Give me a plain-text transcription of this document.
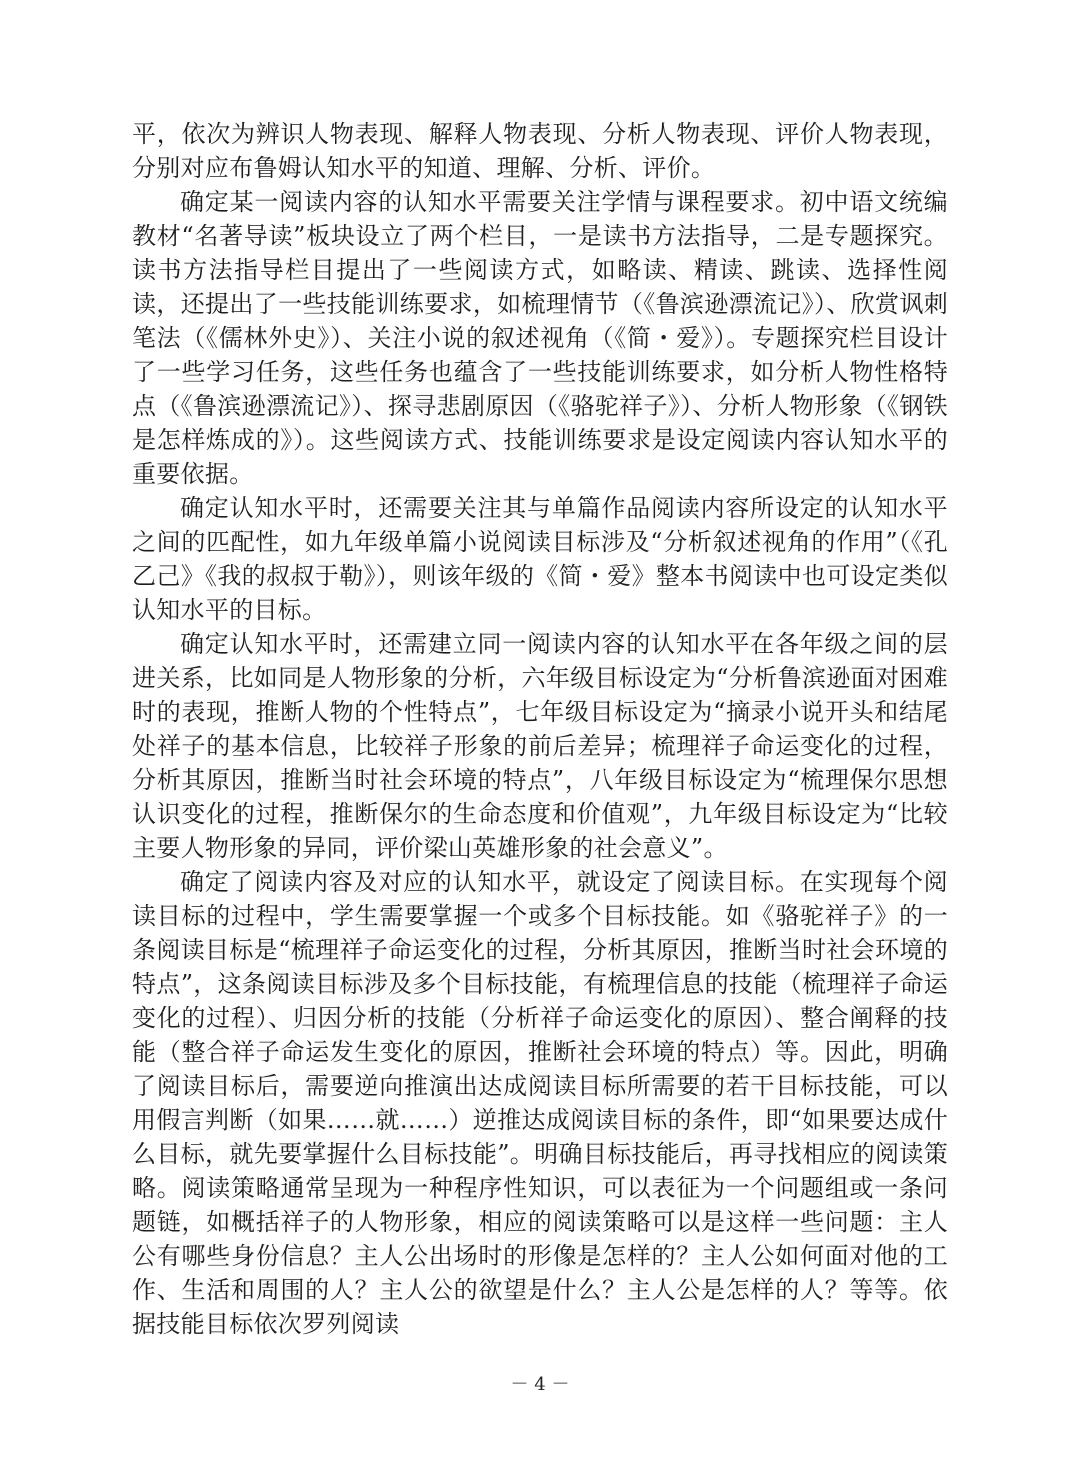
平，依次为辨识人物表现、解释人物表现、分析人物表现、评价人物表现，分别对应布鲁姆认知水平的知道、理解、分析、评价。

确定某一阅读内容的认知水平需要关注学情与课程要求。初中语文统编教材“名著导读”板块设立了两个栏目，一是读书方法指导，二是专题探究。读书方法指导栏目提出了一些阅读方式，如略读、精读、跳读、选择性阅读，还提出了一些技能训练要求，如梳理情节（《鲁滨逊漂流记》）、欣赏讽刺笔法（《儒林外史》）、关注小说的叙述视角（《简・爱》）。专题探究栏目设计了一些学习任务，这些任务也蕴含了一些技能训练要求，如分析人物性格特点（《鲁滨逊漂流记》）、探寻悲剧原因（《骆驼祥子》）、分析人物形象（《钢铁是怎样炼成的》）。这些阅读方式、技能训练要求是设定阅读内容认知水平的重要依据。

确定认知水平时，还需要关注其与单篇作品阅读内容所设定的认知水平之间的匹配性，如九年级单篇小说阅读目标涉及“分析叙述视角的作用”（《孔乙己》《我的叔叔于勒》），则该年级的《简・爱》整本书阅读中也可设定类似认知水平的目标。

确定认知水平时，还需建立同一阅读内容的认知水平在各年级之间的层进关系，比如同是人物形象的分析，六年级目标设定为“分析鲁滨逊面对困难时的表现，推断人物的个性特点”，七年级目标设定为“摘录小说开头和结尾处祥子的基本信息，比较祥子形象的前后差异；梳理祥子命运变化的过程，分析其原因，推断当时社会环境的特点”，八年级目标设定为“梳理保尔思想认识变化的过程，推断保尔的生命态度和价值观”，九年级目标设定为“比较主要人物形象的异同，评价梁山英雄形象的社会意义”。

确定了阅读内容及对应的认知水平，就设定了阅读目标。在实现每个阅读目标的过程中，学生需要掌握一个或多个目标技能。如《骆驼祥子》的一条阅读目标是“梳理祥子命运变化的过程，分析其原因，推断当时社会环境的特点”，这条阅读目标涉及多个目标技能，有梳理信息的技能（梳理祥子命运变化的过程）、归因分析的技能（分析祥子命运变化的原因）、整合阐释的技能（整合祥子命运发生变化的原因，推断社会环境的特点）等。因此，明确了阅读目标后，需要逆向推演出达成阅读目标所需要的若干目标技能，可以用假言判断（如果……就……）逆推达成阅读目标的条件，即“如果要达成什么目标，就先要掌握什么目标技能”。明确目标技能后，再寻找相应的阅读策略。阅读策略通常呈现为一种程序性知识，可以表征为一个问题组或一条问题链，如概括祥子的人物形象，相应的阅读策略可以是这样一些问题：主人公有哪些身份信息？主人公出场时的形像是怎样的？主人公如何面对他的工作、生活和周围的人？主人公的欲望是什么？主人公是怎样的人？等等。依据技能目标依次罗列阅读

－ 4 －
